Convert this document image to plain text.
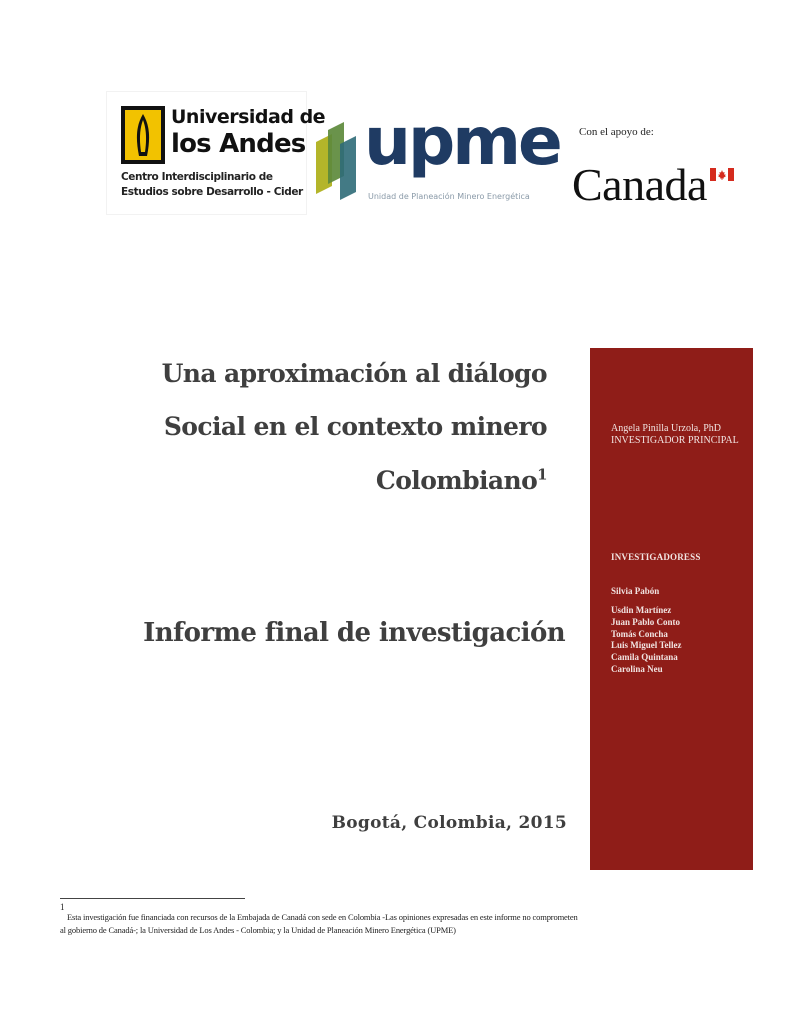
Universidad de
los Andes
Centro Interdisciplinario de
Estudios sobre Desarrollo - Cider
upme
Unidad de Planeación Minero Energética
Con el apoyo de:
Canada
Una aproximación al diálogo
Social en el contexto minero
Colombiano$^1$
Informe final de investigación
Bogotá, Colombia, 2015
Angela Pinilla Urzola, PhD
INVESTIGADOR PRINCIPAL
INVESTIGADORESS
Silvia Pabón
Usdin Martínez
Juan Pablo Conto
Tomás Concha
Luis Miguel Tellez
Camila Quintana
Carolina Neu
1
Esta investigación fue financiada con recursos de la Embajada de Canadá con sede en Colombia -Las opiniones expresadas en este informe no comprometen al gobierno de Canadá-; la Universidad de Los Andes - Colombia; y la Unidad de Planeación Minero Energética (UPME)
